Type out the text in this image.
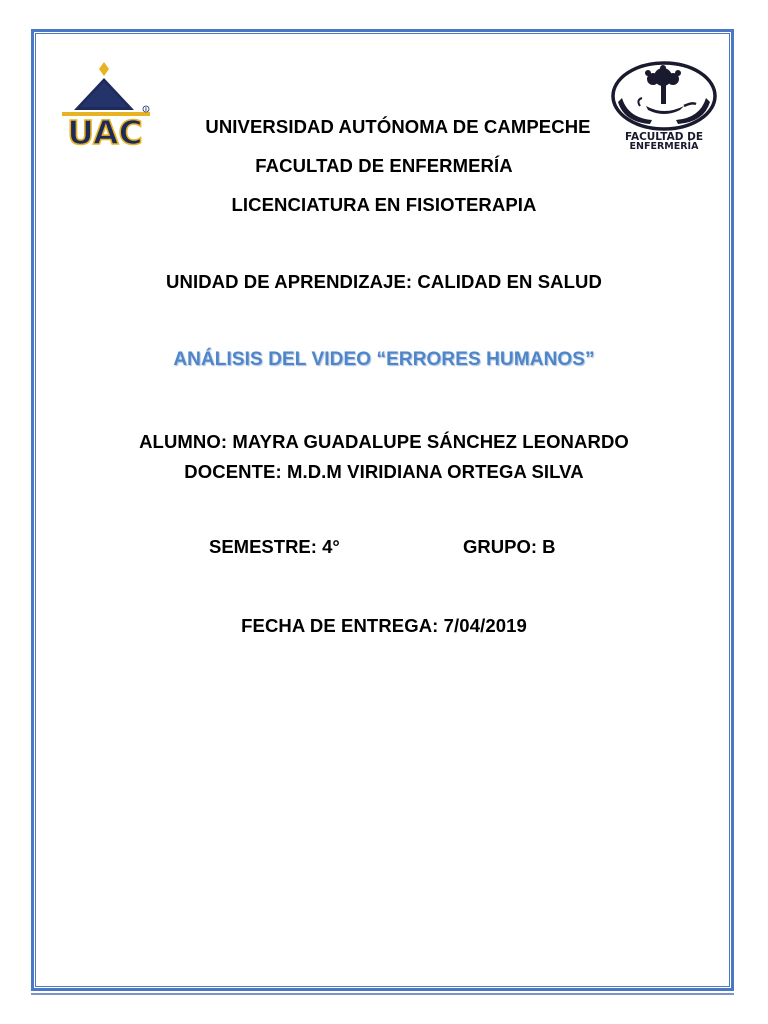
UAC
R
FACULTAD DE
ENFERMERÍA
UNIVERSIDAD AUTÓNOMA DE CAMPECHE
FACULTAD DE ENFERMERÍA
LICENCIATURA EN FISIOTERAPIA
UNIDAD DE APRENDIZAJE: CALIDAD EN SALUD
ANÁLISIS DEL VIDEO “ERRORES HUMANOS”
ALUMNO: MAYRA GUADALUPE SÁNCHEZ LEONARDO
DOCENTE: M.D.M VIRIDIANA ORTEGA SILVA
SEMESTRE: 4°	GRUPO: B
FECHA DE ENTREGA: 7/04/2019
